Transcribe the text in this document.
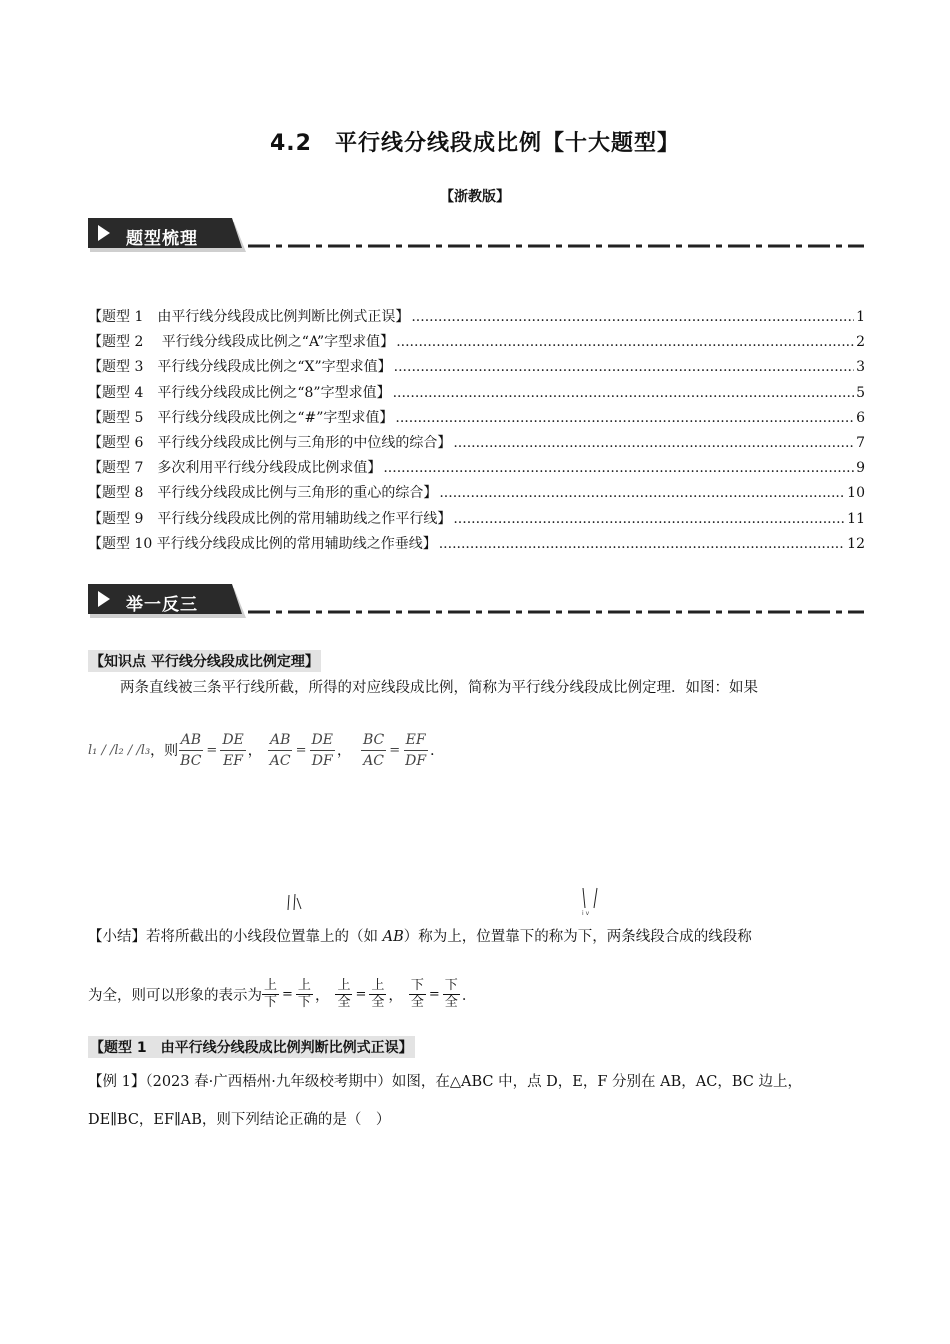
4.2　平行线分线段成比例【十大题型】
【浙教版】
题型梳理
【题型 1　由平行线分线段成比例判断比例式正误】 .....	1
【题型 2　 平行线分线段成比例之“A”字型求值】 .....	2
【题型 3　平行线分线段成比例之“X”字型求值】 .....	3
【题型 4　平行线分线段成比例之“8”字型求值】 .....	5
【题型 5　平行线分线段成比例之“#”字型求值】 .....	6
【题型 6　平行线分线段成比例与三角形的中位线的综合】 .....	7
【题型 7　多次利用平行线分线段成比例求值】 .....	9
【题型 8　平行线分线段成比例与三角形的重心的综合】 .....	10
【题型 9　平行线分线段成比例的常用辅助线之作平行线】 .....	11
【题型 10 平行线分线段成比例的常用辅助线之作垂线】 .....	12
举一反三
【知识点 平行线分线段成比例定理】
两条直线被三条平行线所截，所得的对应线段成比例，简称为平行线分线段成比例定理．如图：如果
l₁ / /l₂ / /l₃ ，则 $\frac{AB}{BC} = \frac{DE}{EF}$ ， $\frac{AB}{AC} = \frac{DE}{DF}$ ， $\frac{BC}{AC} = \frac{EF}{DF}$ ．
i v
【小结】若将所截出的小线段位置靠上的（如 AB）称为上，位置靠下的称为下，两条线段合成的线段称
为全，则可以形象的表示为 $\frac{\text{上}}{\text{下}} = \frac{\text{上}}{\text{下}}$ ， $\frac{\text{上}}{\text{全}} = \frac{\text{上}}{\text{全}}$ ， $\frac{\text{下}}{\text{全}} = \frac{\text{下}}{\text{全}}$ ．
【题型 1　由平行线分线段成比例判断比例式正误】
【例 1】（2023 春·广西梧州·九年级校考期中）如图，在△ABC 中，点 D，E，F 分别在 AB，AC，BC 边上，
DE∥BC，EF∥AB，则下列结论正确的是（　）
